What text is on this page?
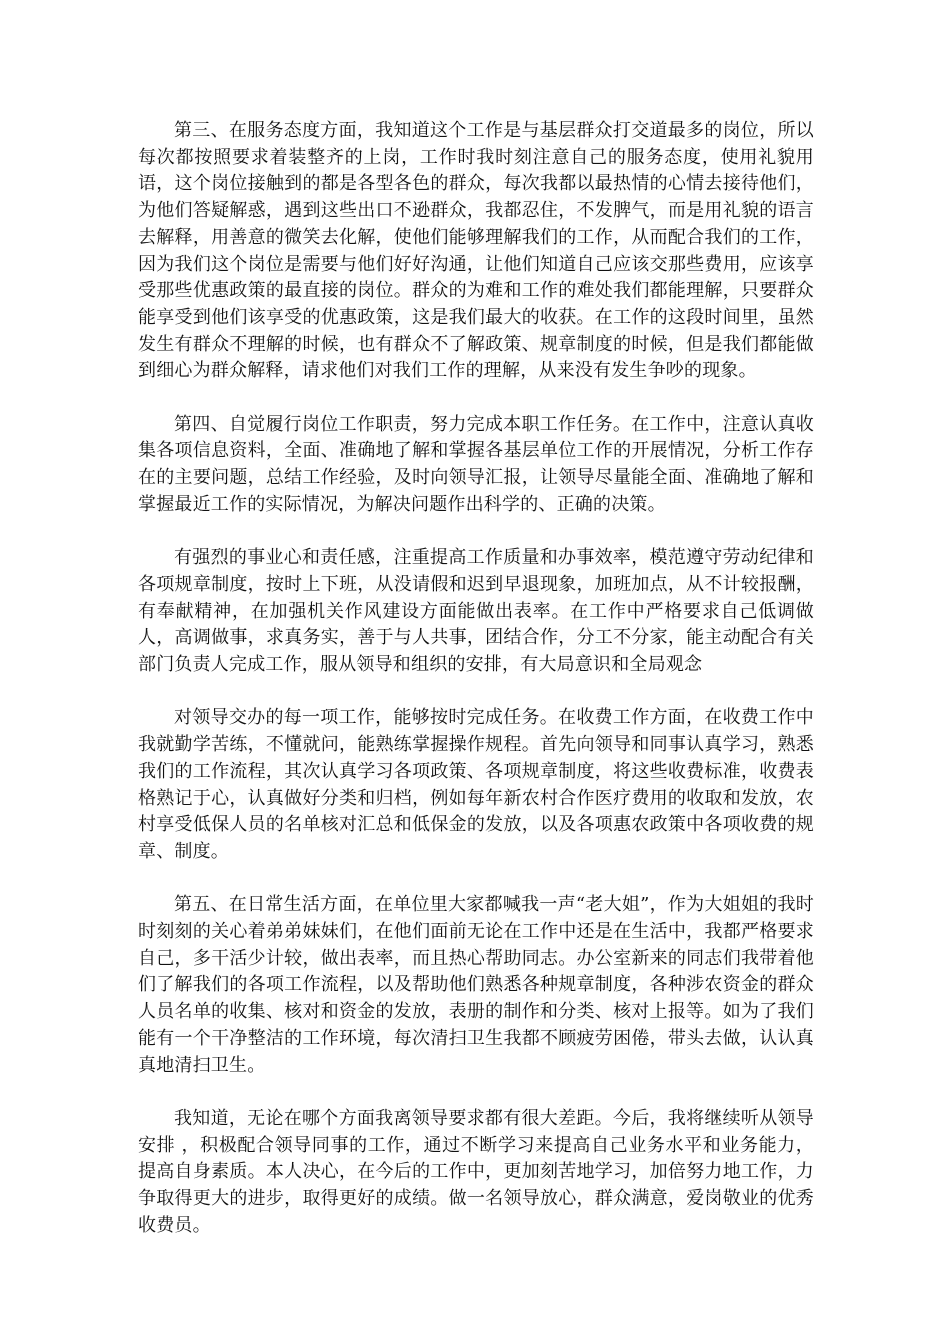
第三、在服务态度方面，我知道这个工作是与基层群众打交道最多的岗位，所以每次都按照要求着装整齐的上岗，工作时我时刻注意自己的服务态度，使用礼貌用语，这个岗位接触到的都是各型各色的群众，每次我都以最热情的心情去接待他们，为他们答疑解惑，遇到这些出口不逊群众，我都忍住，不发脾气，而是用礼貌的语言去解释，用善意的微笑去化解，使他们能够理解我们的工作，从而配合我们的工作，因为我们这个岗位是需要与他们好好沟通，让他们知道自己应该交那些费用，应该享受那些优惠政策的最直接的岗位。群众的为难和工作的难处我们都能理解，只要群众能享受到他们该享受的优惠政策，这是我们最大的收获。在工作的这段时间里，虽然发生有群众不理解的时候，也有群众不了解政策、规章制度的时候，但是我们都能做到细心为群众解释，请求他们对我们工作的理解，从来没有发生争吵的现象。

第四、自觉履行岗位工作职责，努力完成本职工作任务。在工作中，注意认真收集各项信息资料，全面、准确地了解和掌握各基层单位工作的开展情况，分析工作存在的主要问题，总结工作经验，及时向领导汇报，让领导尽量能全面、准确地了解和掌握最近工作的实际情况，为解决问题作出科学的、正确的决策。

有强烈的事业心和责任感，注重提高工作质量和办事效率，模范遵守劳动纪律和各项规章制度，按时上下班，从没请假和迟到早退现象，加班加点，从不计较报酬，有奉献精神，在加强机关作风建设方面能做出表率。在工作中严格要求自己低调做人，高调做事，求真务实，善于与人共事，团结合作，分工不分家，能主动配合有关部门负责人完成工作，服从领导和组织的安排，有大局意识和全局观念

对领导交办的每一项工作，能够按时完成任务。在收费工作方面，在收费工作中我就勤学苦练，不懂就问，能熟练掌握操作规程。首先向领导和同事认真学习，熟悉我们的工作流程，其次认真学习各项政策、各项规章制度，将这些收费标准，收费表格熟记于心，认真做好分类和归档，例如每年新农村合作医疗费用的收取和发放，农村享受低保人员的名单核对汇总和低保金的发放，以及各项惠农政策中各项收费的规章、制度。

第五、在日常生活方面，在单位里大家都喊我一声“老大姐”，作为大姐姐的我时时刻刻的关心着弟弟妹妹们，在他们面前无论在工作中还是在生活中，我都严格要求自己，多干活少计较，做出表率，而且热心帮助同志。办公室新来的同志们我带着他们了解我们的各项工作流程，以及帮助他们熟悉各种规章制度，各种涉农资金的群众人员名单的收集、核对和资金的发放，表册的制作和分类、核对上报等。如为了我们能有一个干净整洁的工作环境，每次清扫卫生我都不顾疲劳困倦，带头去做，认认真真地清扫卫生。

我知道，无论在哪个方面我离领导要求都有很大差距。今后，我将继续听从领导安排 ，积极配合领导同事的工作，通过不断学习来提高自己业务水平和业务能力，提高自身素质。本人决心，在今后的工作中，更加刻苦地学习，加倍努力地工作，力争取得更大的进步，取得更好的成绩。做一名领导放心，群众满意，爱岗敬业的优秀收费员。
